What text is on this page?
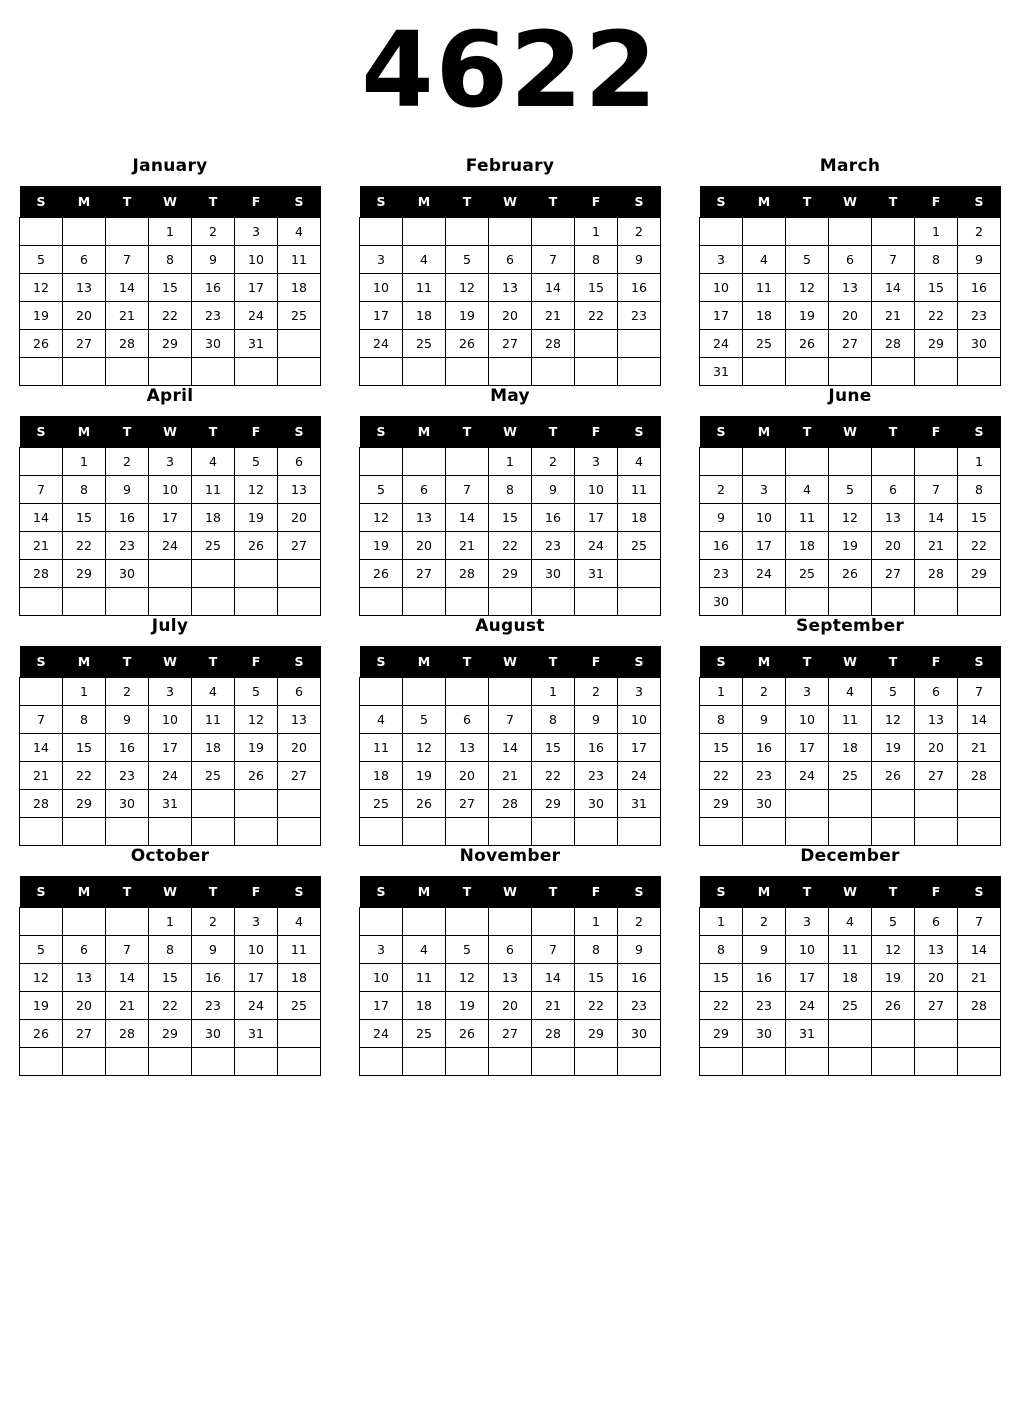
4622
January
S	M	T	W	T	F	S
			1	2	3	4
5	6	7	8	9	10	11
12	13	14	15	16	17	18
19	20	21	22	23	24	25
26	27	28	29	30	31	

February
S	M	T	W	T	F	S
					1	2
3	4	5	6	7	8	9
10	11	12	13	14	15	16
17	18	19	20	21	22	23
24	25	26	27	28		

March
S	M	T	W	T	F	S
					1	2
3	4	5	6	7	8	9
10	11	12	13	14	15	16
17	18	19	20	21	22	23
24	25	26	27	28	29	30
31						
April
S	M	T	W	T	F	S
	1	2	3	4	5	6
7	8	9	10	11	12	13
14	15	16	17	18	19	20
21	22	23	24	25	26	27
28	29	30				

May
S	M	T	W	T	F	S
			1	2	3	4
5	6	7	8	9	10	11
12	13	14	15	16	17	18
19	20	21	22	23	24	25
26	27	28	29	30	31	

June
S	M	T	W	T	F	S
						1
2	3	4	5	6	7	8
9	10	11	12	13	14	15
16	17	18	19	20	21	22
23	24	25	26	27	28	29
30						
July
S	M	T	W	T	F	S
	1	2	3	4	5	6
7	8	9	10	11	12	13
14	15	16	17	18	19	20
21	22	23	24	25	26	27
28	29	30	31			

August
S	M	T	W	T	F	S
				1	2	3
4	5	6	7	8	9	10
11	12	13	14	15	16	17
18	19	20	21	22	23	24
25	26	27	28	29	30	31

September
S	M	T	W	T	F	S
1	2	3	4	5	6	7
8	9	10	11	12	13	14
15	16	17	18	19	20	21
22	23	24	25	26	27	28
29	30					

October
S	M	T	W	T	F	S
			1	2	3	4
5	6	7	8	9	10	11
12	13	14	15	16	17	18
19	20	21	22	23	24	25
26	27	28	29	30	31	

November
S	M	T	W	T	F	S
					1	2
3	4	5	6	7	8	9
10	11	12	13	14	15	16
17	18	19	20	21	22	23
24	25	26	27	28	29	30

December
S	M	T	W	T	F	S
1	2	3	4	5	6	7
8	9	10	11	12	13	14
15	16	17	18	19	20	21
22	23	24	25	26	27	28
29	30	31				
